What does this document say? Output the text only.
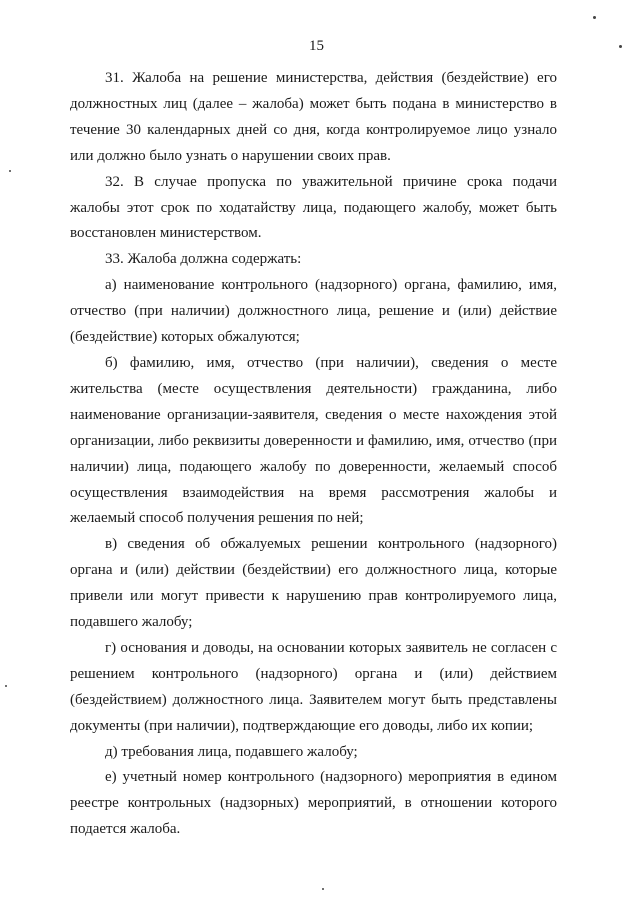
15

31. Жалоба на решение министерства, действия (бездействие) его должностных лиц (далее – жалоба) может быть подана в министерство в течение 30 календарных дней со дня, когда контролируемое лицо узнало или должно было узнать о нарушении своих прав.

32. В случае пропуска по уважительной причине срока подачи жалобы этот срок по ходатайству лица, подающего жалобу, может быть восстановлен министерством.

33. Жалоба должна содержать:

а) наименование контрольного (надзорного) органа, фамилию, имя, отчество (при наличии) должностного лица, решение и (или) действие (бездействие) которых обжалуются;

б) фамилию, имя, отчество (при наличии), сведения о месте жительства (месте осуществления деятельности) гражданина, либо наименование организации-заявителя, сведения о месте нахождения этой организации, либо реквизиты доверенности и фамилию, имя, отчество (при наличии) лица, подающего жалобу по доверенности, желаемый способ осуществления взаимодействия на время рассмотрения жалобы и желаемый способ получения решения по ней;

в) сведения об обжалуемых решении контрольного (надзорного) органа и (или) действии (бездействии) его должностного лица, которые привели или могут привести к нарушению прав контролируемого лица, подавшего жалобу;

г) основания и доводы, на основании которых заявитель не согласен с решением контрольного (надзорного) органа и (или) действием (бездействием) должностного лица. Заявителем могут быть представлены документы (при наличии), подтверждающие его доводы, либо их копии;

д) требования лица, подавшего жалобу;

е) учетный номер контрольного (надзорного) мероприятия в едином реестре контрольных (надзорных) мероприятий, в отношении которого подается жалоба.
